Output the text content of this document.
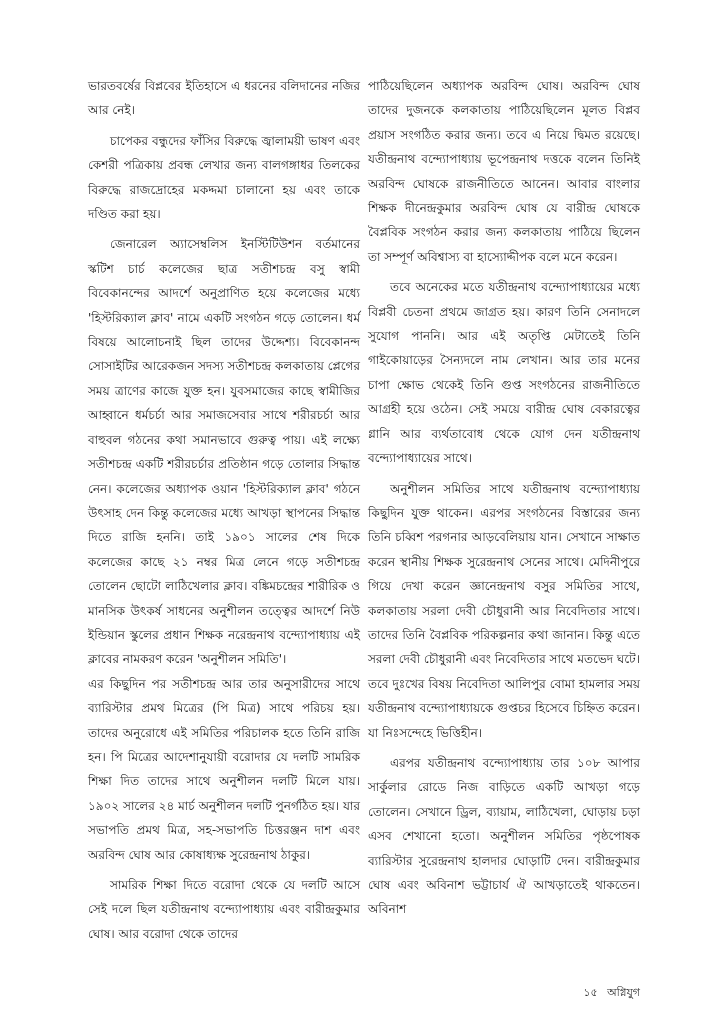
ভারতবর্ষের বিপ্লবের ইতিহাসে এ ধরনের বলিদানের নজির আর নেই।

চাপেকর বন্ধুদের ফাঁসির বিরুদ্ধে জ্বালাময়ী ভাষণ এবং কেশরী পত্রিকায় প্রবন্ধ লেখার জন্য বালগঙ্গাধর তিলকের বিরুদ্ধে রাজদ্রোহের মকদ্দমা চালানো হয় এবং তাকে দণ্ডিত করা হয়।

জেনারেল অ্যাসেম্বলিস ইনস্টিটিউশন বর্তমানের স্কটিশ চার্চ কলেজের ছাত্র সতীশচন্দ্র বসু স্বামী বিবেকানন্দের আদর্শে অনুপ্রাণিত হয়ে কলেজের মধ্যে 'হিস্টরিক্যাল ক্লাব' নামে একটি সংগঠন গড়ে তোলেন। ধর্ম বিষয়ে আলোচনাই ছিল তাদের উদ্দেশ্য। বিবেকানন্দ সোসাইটির আরেকজন সদস্য সতীশচন্দ্র কলকাতায় প্লেগের সময় ত্রাণের কাজে যুক্ত হন। যুবসমাজের কাছে স্বামীজির আহ্বানে ধর্মচর্চা আর সমাজসেবার সাথে শরীরচর্চা আর বাহুবল গঠনের কথা সমানভাবে গুরুত্ব পায়। এই লক্ষ্যে সতীশচন্দ্র একটি শরীরচর্চার প্রতিষ্ঠান গড়ে তোলার সিদ্ধান্ত নেন। কলেজের অধ্যাপক ওয়ান 'হিস্টরিক্যাল ক্লাব' গঠনে উৎসাহ দেন কিন্তু কলেজের মধ্যে আখড়া স্থাপনের সিদ্ধান্ত দিতে রাজি হননি। তাই ১৯০১ সালের শেষ দিকে কলেজের কাছে ২১ নম্বর মিত্র লেনে গড়ে সতীশচন্দ্র তোলেন ছোটো লাঠিখেলার ক্লাব। বঙ্কিমচন্দ্রের শারীরিক ও মানসিক উৎকর্ষ সাধনের অনুশীলন তত্ত্বের আদর্শে নিউ ইন্ডিয়ান স্কুলের প্রধান শিক্ষক নরেন্দ্রনাথ বন্দ্যোপাধ্যায় এই ক্লাবের নামকরণ করেন 'অনুশীলন সমিতি'।

এর কিছুদিন পর সতীশচন্দ্র আর তার অনুসারীদের সাথে ব্যারিস্টার প্রমথ মিত্রের (পি মিত্র) সাথে পরিচয় হয়। তাদের অনুরোধে এই সমিতির পরিচালক হতে তিনি রাজি হন। পি মিত্রের আদেশানুযায়ী বরোদার যে দলটি সামরিক শিক্ষা দিত তাদের সাথে অনুশীলন দলটি মিলে যায়। ১৯০২ সালের ২৪ মার্চ অনুশীলন দলটি পুনর্গঠিত হয়। যার সভাপতি প্রমথ মিত্র, সহ-সভাপতি চিত্তরঞ্জন দাশ এবং অরবিন্দ ঘোষ আর কোষাধ্যক্ষ সুরেন্দ্রনাথ ঠাকুর।

সামরিক শিক্ষা দিতে বরোদা থেকে যে দলটি আসে সেই দলে ছিল যতীন্দ্রনাথ বন্দ্যোপাধ্যায় এবং বারীন্দ্রকুমার ঘোষ। আর বরোদা থেকে তাদের

পাঠিয়েছিলেন অধ্যাপক অরবিন্দ ঘোষ। অরবিন্দ ঘোষ তাদের দুজনকে কলকাতায় পাঠিয়েছিলেন মূলত বিপ্লব প্রয়াস সংগঠিত করার জন্য। তবে এ নিয়ে দ্বিমত রয়েছে। যতীন্দ্রনাথ বন্দ্যোপাধ্যায় ভূপেন্দ্রনাথ দত্তকে বলেন তিনিই অরবিন্দ ঘোষকে রাজনীতিতে আনেন। আবার বাংলার শিক্ষক দীনেন্দ্রকুমার অরবিন্দ ঘোষ যে বারীন্দ্র ঘোষকে বৈপ্লবিক সংগঠন করার জন্য কলকাতায় পাঠিয়ে ছিলেন তা সম্পূর্ণ অবিশ্বাস্য বা হাস্যোদ্দীপক বলে মনে করেন।

তবে অনেকের মতে যতীন্দ্রনাথ বন্দ্যোপাধ্যায়ের মধ্যে বিপ্লবী চেতনা প্রথমে জাগ্রত হয়। কারণ তিনি সেনাদলে সুযোগ পাননি। আর এই অতৃপ্তি মেটাতেই তিনি গাইকোয়াড়ের সৈন্যদলে নাম লেখান। আর তার মনের চাপা ক্ষোভ থেকেই তিনি গুপ্ত সংগঠনের রাজনীতিতে আগ্রহী হয়ে ওঠেন। সেই সময়ে বারীন্দ্র ঘোষ বেকারত্বের গ্লানি আর ব্যর্থতাবোধ থেকে যোগ দেন যতীন্দ্রনাথ বন্দ্যোপাধ্যায়ের সাথে।

অনুশীলন সমিতির সাথে যতীন্দ্রনাথ বন্দ্যোপাধ্যায় কিছুদিন যুক্ত থাকেন। এরপর সংগঠনের বিস্তারের জন্য তিনি চব্বিশ পরগনার আড়বেলিয়ায় যান। সেখানে সাক্ষাত করেন স্থানীয় শিক্ষক সুরেন্দ্রনাথ সেনের সাথে। মেদিনীপুরে গিয়ে দেখা করেন জ্ঞানেন্দ্রনাথ বসুর সমিতির সাথে, কলকাতায় সরলা দেবী চৌধুরানী আর নিবেদিতার সাথে। তাদের তিনি বৈপ্লবিক পরিকল্পনার কথা জানান। কিন্তু এতে সরলা দেবী চৌধুরানী এবং নিবেদিতার সাথে মতভেদ ঘটে। তবে দুঃখের বিষয় নিবেদিতা আলিপুর বোমা হামলার সময় যতীন্দ্রনাথ বন্দ্যোপাধ্যায়কে গুপ্তচর হিসেবে চিহ্নিত করেন। যা নিঃসন্দেহে ভিত্তিহীন।

এরপর যতীন্দ্রনাথ বন্দ্যোপাধ্যায় তার ১০৮ আপার সার্কুলার রোডে নিজ বাড়িতে একটি আখড়া গড়ে তোলেন। সেখানে ড্রিল, ব্যায়াম, লাঠিখেলা, ঘোড়ায় চড়া এসব শেখানো হতো। অনুশীলন সমিতির পৃষ্ঠপোষক ব্যারিস্টার সুরেন্দ্রনাথ হালদার ঘোড়াটি দেন। বারীন্দ্রকুমার ঘোষ এবং অবিনাশ ভট্টাচার্য ঐ আখড়াতেই থাকতেন। অবিনাশ

১৫ অগ্নিযুগ
